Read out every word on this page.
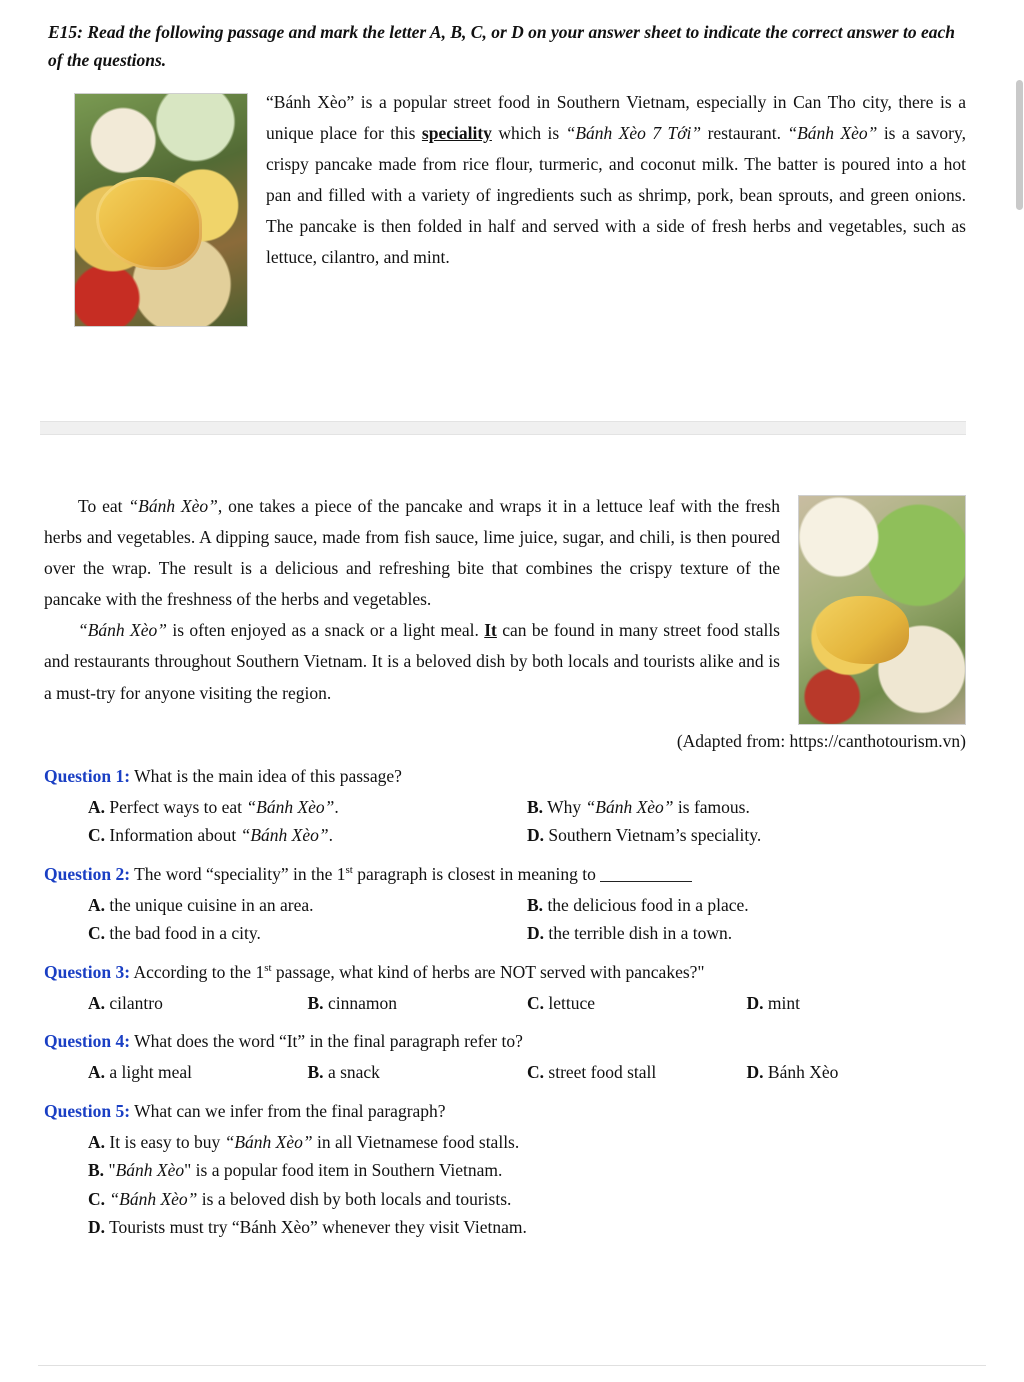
E15: Read the following passage and mark the letter A, B, C, or D on your answer sheet to indicate the correct answer to each of the questions.

“Bánh Xèo” is a popular street food in Southern Vietnam, especially in Can Tho city, there is a unique place for this speciality which is “Bánh Xèo 7 Tới” restaurant. “Bánh Xèo” is a savory, crispy pancake made from rice flour, turmeric, and coconut milk. The batter is poured into a hot pan and filled with a variety of ingredients such as shrimp, pork, bean sprouts, and green onions. The pancake is then folded in half and served with a side of fresh herbs and vegetables, such as lettuce, cilantro, and mint.

To eat “Bánh Xèo”, one takes a piece of the pancake and wraps it in a lettuce leaf with the fresh herbs and vegetables. A dipping sauce, made from fish sauce, lime juice, sugar, and chili, is then poured over the wrap. The result is a delicious and refreshing bite that combines the crispy texture of the pancake with the freshness of the herbs and vegetables.

“Bánh Xèo” is often enjoyed as a snack or a light meal. It can be found in many street food stalls and restaurants throughout Southern Vietnam. It is a beloved dish by both locals and tourists alike and is a must-try for anyone visiting the region.

(Adapted from: https://canthotourism.vn)

Question 1: What is the main idea of this passage?
A. Perfect ways to eat “Bánh Xèo”.	B. Why “Bánh Xèo” is famous.
C. Information about “Bánh Xèo”.	D. Southern Vietnam’s speciality.
Question 2: The word “speciality” in the 1st paragraph is closest in meaning to
A. the unique cuisine in an area.	B. the delicious food in a place.
C. the bad food in a city.	D. the terrible dish in a town.
Question 3: According to the 1st passage, what kind of herbs are NOT served with pancakes?"
A. cilantro	B. cinnamon	C. lettuce	D. mint
Question 4: What does the word “It” in the final paragraph refer to?
A. a light meal	B. a snack	C. street food stall	D. Bánh Xèo
Question 5: What can we infer from the final paragraph?
A. It is easy to buy “Bánh Xèo” in all Vietnamese food stalls.
B. "Bánh Xèo" is a popular food item in Southern Vietnam.
C. “Bánh Xèo” is a beloved dish by both locals and tourists.
D. Tourists must try “Bánh Xèo” whenever they visit Vietnam.
